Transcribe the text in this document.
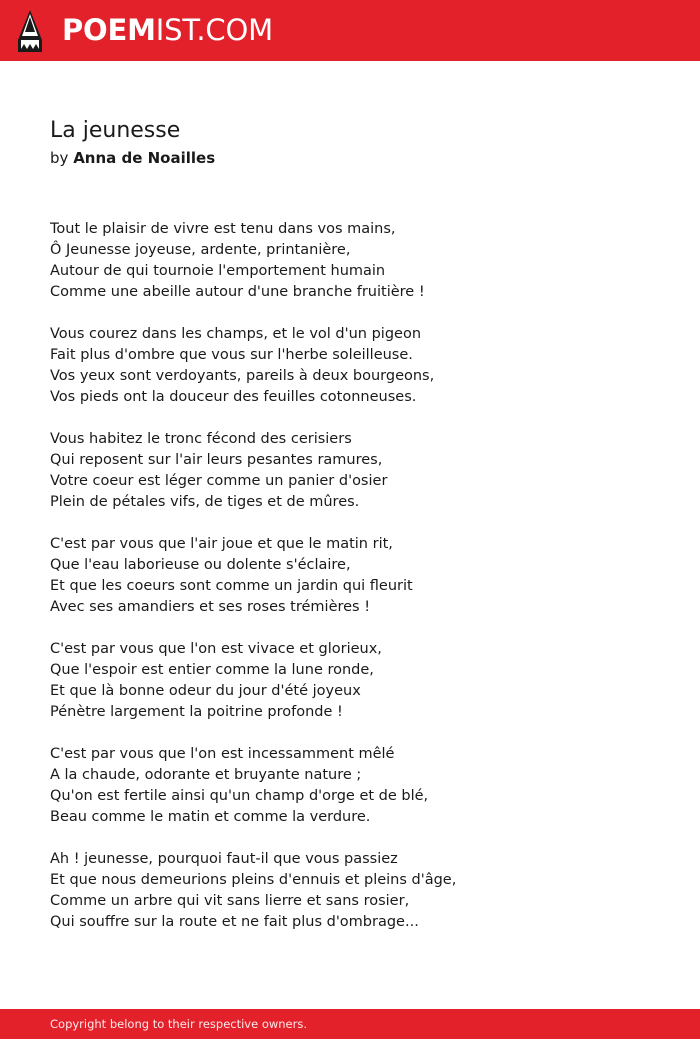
POEMIST.COM
La jeunesse
by Anna de Noailles
Tout le plaisir de vivre est tenu dans vos mains,
Ô Jeunesse joyeuse, ardente, printanière,
Autour de qui tournoie l'emportement humain
Comme une abeille autour d'une branche fruitière !
Vous courez dans les champs, et le vol d'un pigeon
Fait plus d'ombre que vous sur l'herbe soleilleuse.
Vos yeux sont verdoyants, pareils à deux bourgeons,
Vos pieds ont la douceur des feuilles cotonneuses.
Vous habitez le tronc fécond des cerisiers
Qui reposent sur l'air leurs pesantes ramures,
Votre coeur est léger comme un panier d'osier
Plein de pétales vifs, de tiges et de mûres.
C'est par vous que l'air joue et que le matin rit,
Que l'eau laborieuse ou dolente s'éclaire,
Et que les coeurs sont comme un jardin qui fleurit
Avec ses amandiers et ses roses trémières !
C'est par vous que l'on est vivace et glorieux,
Que l'espoir est entier comme la lune ronde,
Et que là bonne odeur du jour d'été joyeux
Pénètre largement la poitrine profonde !
C'est par vous que l'on est incessamment mêlé
A la chaude, odorante et bruyante nature ;
Qu'on est fertile ainsi qu'un champ d'orge et de blé,
Beau comme le matin et comme la verdure.
Ah ! jeunesse, pourquoi faut-il que vous passiez
Et que nous demeurions pleins d'ennuis et pleins d'âge,
Comme un arbre qui vit sans lierre et sans rosier,
Qui souffre sur la route et ne fait plus d'ombrage...
Copyright belong to their respective owners.
